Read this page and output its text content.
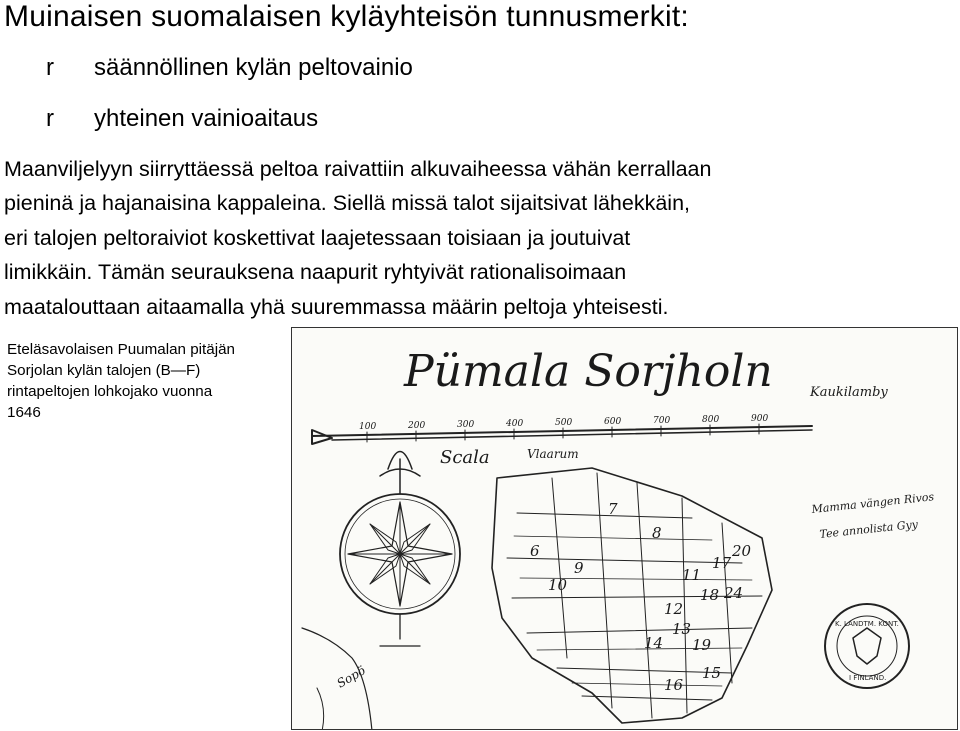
Muinaisen suomalaisen kyläyhteisön tunnusmerkit:
r säännöllinen kylän peltovainio
r yhteinen vainioaitaus
Maanviljelyyn siirryttäessä peltoa raivattiin alkuvaiheessa vähän kerrallaan
pieninä ja hajanaisina kappaleina. Siellä missä talot sijaitsivat lähekkäin,
eri talojen peltoraiviot koskettivat laajetessaan toisiaan ja joutuivat
limikkäin. Tämän seurauksena naapurit ryhtyivät rationalisoimaan
maatalouttaan aitaamalla yhä suuremmassa määrin peltoja yhteisesti.
Eteläsavolaisen Puumalan pitäjän
Sorjolan kylän talojen (B—F)
rintapeltojen lohkojako vuonna
1646
Pümala Sorjholn
100	200	300	400	500	600	700	800	900
Scala	Vlaarum
Kaukilamby
Mamma vängen Rivos
Tee annolista Gyy
Sopö
6
7
8
9
10
11
12
13
14
15
16
17
18
19
20
24
K. LANDTM. KONT.
I FINLAND.
